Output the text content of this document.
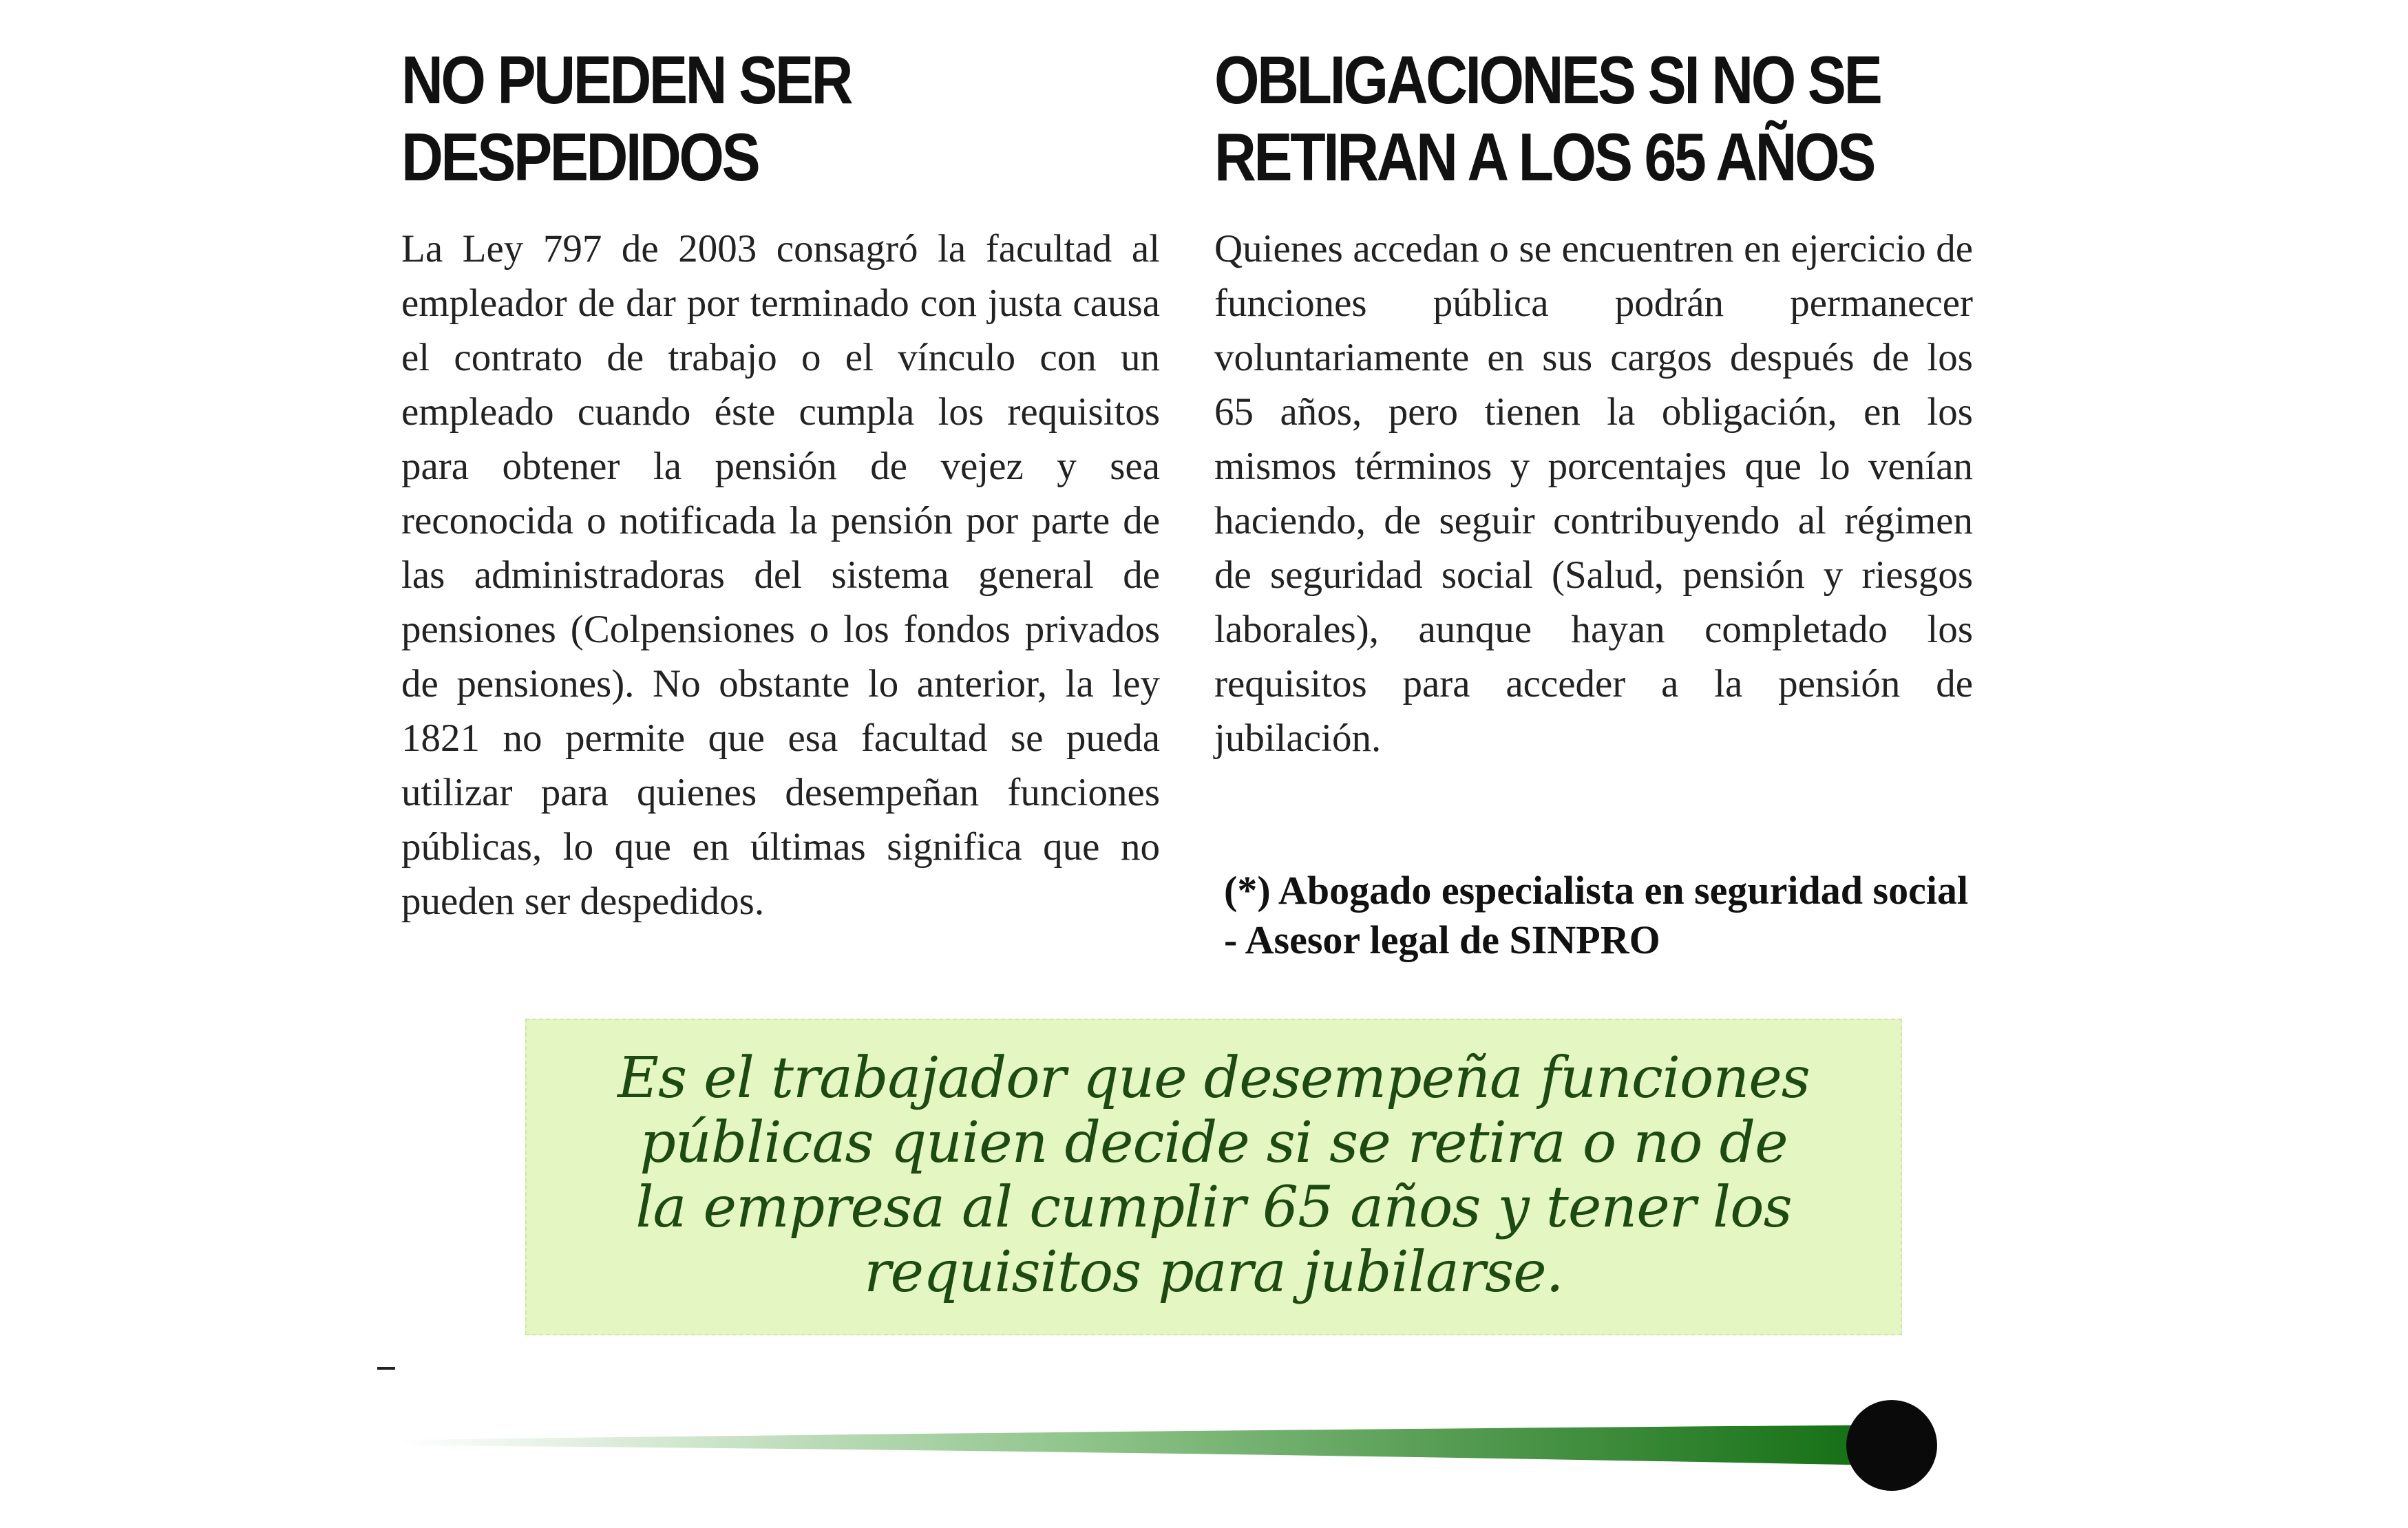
NO PUEDEN SER
DESPEDIDOS

La Ley 797 de 2003 consagró la facultad al empleador de dar por terminado con justa causa el contrato de trabajo o el vínculo con un empleado cuando éste cumpla los requisitos para obtener la pensión de vejez y sea reconocida o notificada la pensión por parte de las administradoras del sistema general de pensiones (Colpensiones o los fondos privados de pensiones). No obstante lo anterior, la ley 1821 no permite que esa facultad se pueda utilizar para quienes desempeñan funciones públicas, lo que en últimas significa que no pueden ser despedidos.

OBLIGACIONES SI NO SE
RETIRAN A LOS 65 AÑOS

Quienes accedan o se encuentren en ejercicio de funciones pública podrán permanecer voluntariamente en sus cargos después de los 65 años, pero tienen la obligación, en los mismos términos y porcentajes que lo venían haciendo, de seguir contribuyendo al régimen de seguridad social (Salud, pensión y riesgos laborales), aunque hayan completado los requisitos para acceder a la pensión de jubilación.

(*) Abogado especialista en seguridad social - Asesor legal de SINPRO

Es el trabajador que desempeña funciones
públicas quien decide si se retira o no de
la empresa al cumplir 65 años y tener los
requisitos para jubilarse.
